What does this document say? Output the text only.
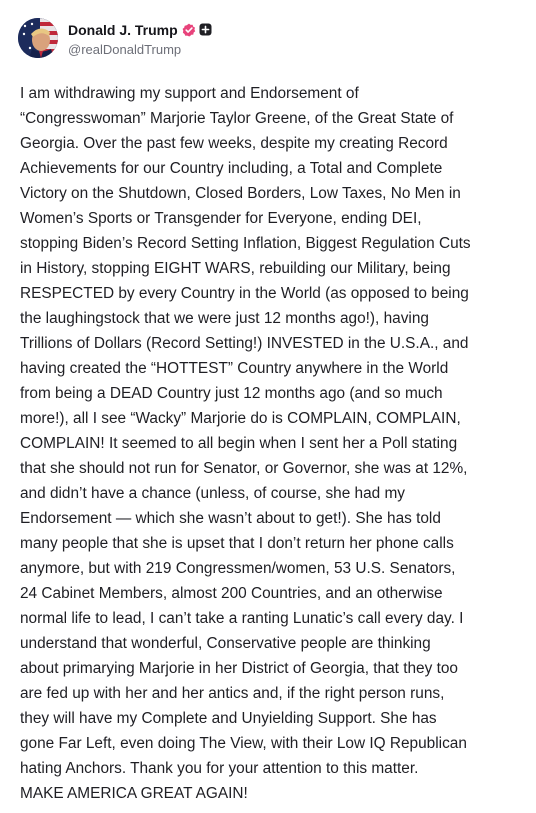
Donald J. Trump
@realDonaldTrump
I am withdrawing my support and Endorsement of
“Congresswoman” Marjorie Taylor Greene, of the Great State of
Georgia. Over the past few weeks, despite my creating Record
Achievements for our Country including, a Total and Complete
Victory on the Shutdown, Closed Borders, Low Taxes, No Men in
Women’s Sports or Transgender for Everyone, ending DEI,
stopping Biden’s Record Setting Inflation, Biggest Regulation Cuts
in History, stopping EIGHT WARS, rebuilding our Military, being
RESPECTED by every Country in the World (as opposed to being
the laughingstock that we were just 12 months ago!), having
Trillions of Dollars (Record Setting!) INVESTED in the U.S.A., and
having created the “HOTTEST” Country anywhere in the World
from being a DEAD Country just 12 months ago (and so much
more!), all I see “Wacky” Marjorie do is COMPLAIN, COMPLAIN,
COMPLAIN! It seemed to all begin when I sent her a Poll stating
that she should not run for Senator, or Governor, she was at 12%,
and didn’t have a chance (unless, of course, she had my
Endorsement — which she wasn’t about to get!). She has told
many people that she is upset that I don’t return her phone calls
anymore, but with 219 Congressmen/women, 53 U.S. Senators,
24 Cabinet Members, almost 200 Countries, and an otherwise
normal life to lead, I can’t take a ranting Lunatic’s call every day. I
understand that wonderful, Conservative people are thinking
about primarying Marjorie in her District of Georgia, that they too
are fed up with her and her antics and, if the right person runs,
they will have my Complete and Unyielding Support. She has
gone Far Left, even doing The View, with their Low IQ Republican
hating Anchors. Thank you for your attention to this matter.
MAKE AMERICA GREAT AGAIN!
